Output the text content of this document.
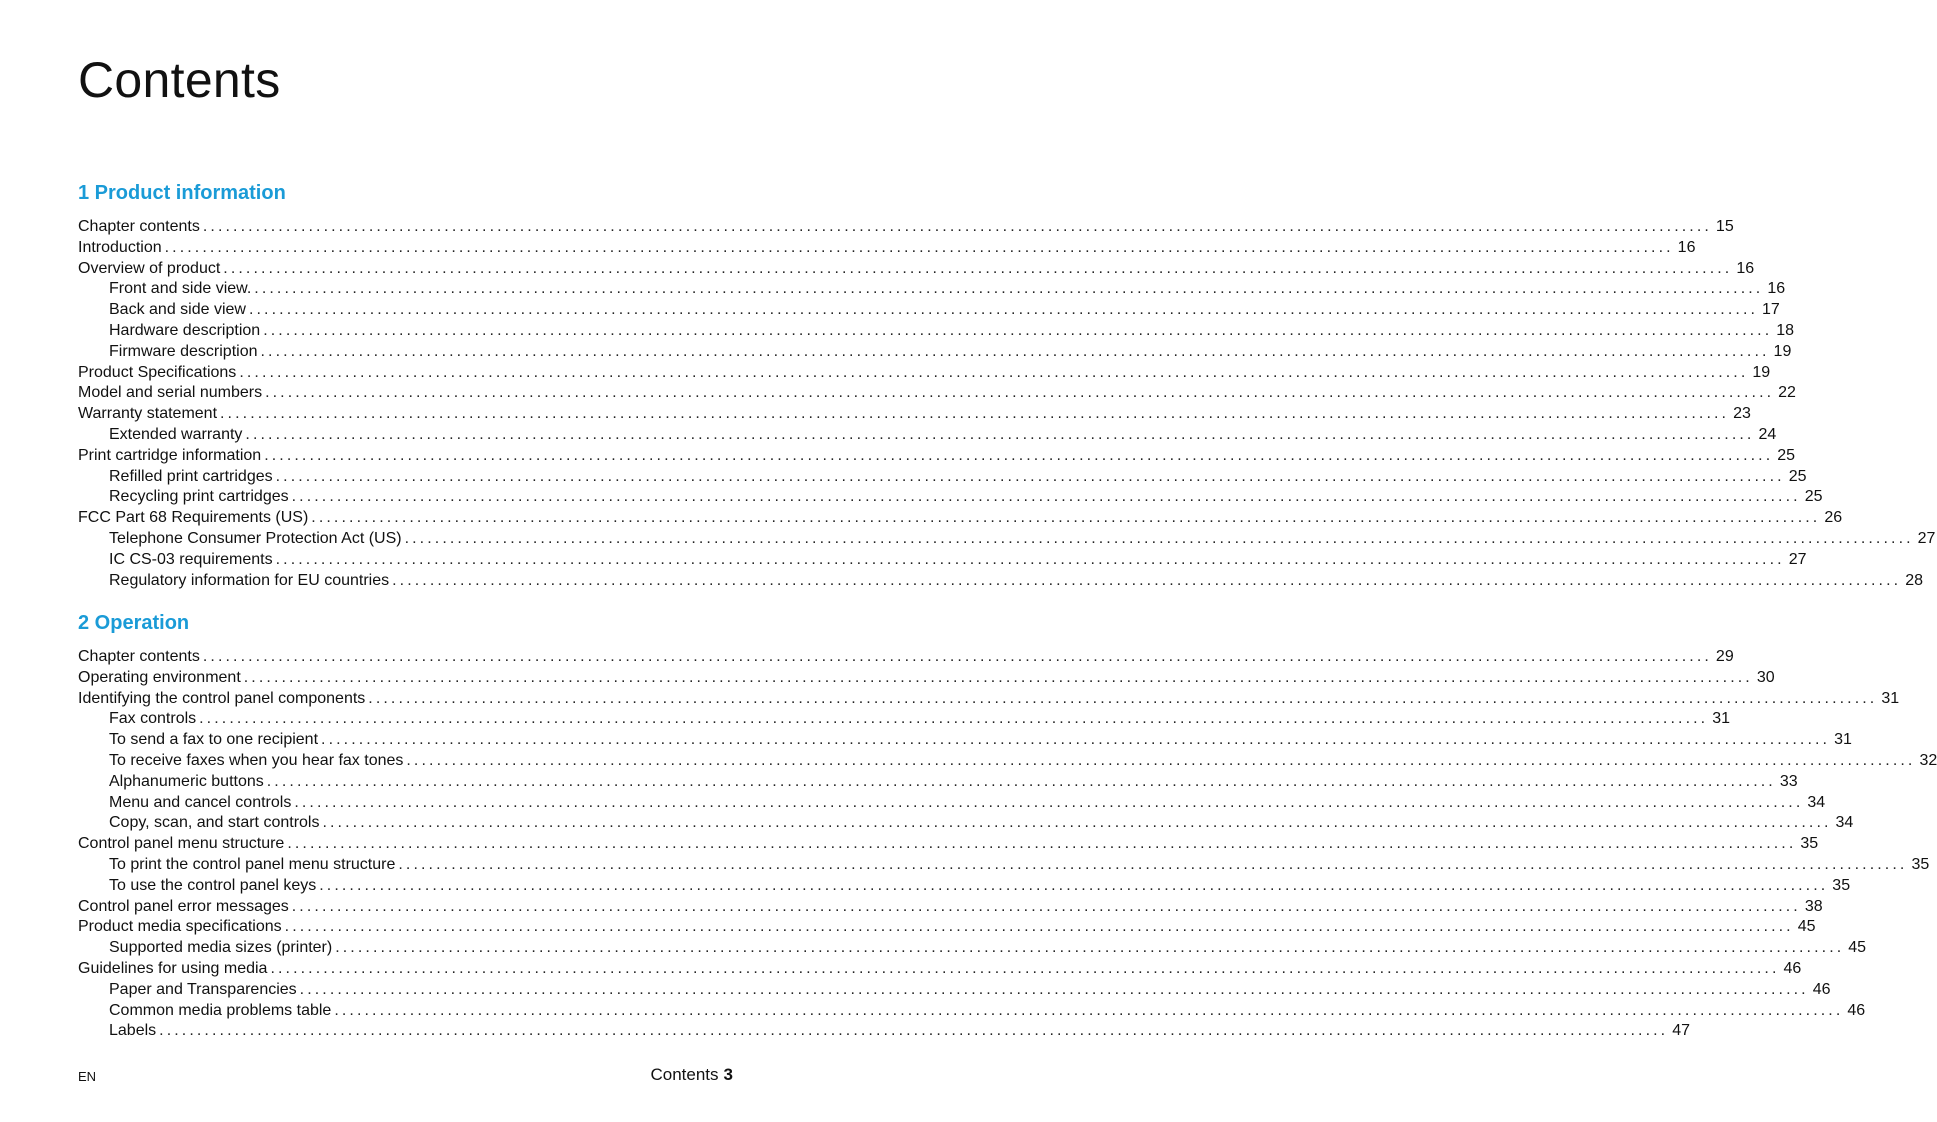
Contents
1 Product information
Chapter contents ........................................................................................................................................................................................................ 15
Introduction ........................................................................................................................................................................................................ 16
Overview of product ........................................................................................................................................................................................................ 16
Front and side view. ........................................................................................................................................................................................................ 16
Back and side view ........................................................................................................................................................................................................ 17
Hardware description ........................................................................................................................................................................................................ 18
Firmware description ........................................................................................................................................................................................................ 19
Product Specifications ........................................................................................................................................................................................................ 19
Model and serial numbers ........................................................................................................................................................................................................ 22
Warranty statement ........................................................................................................................................................................................................ 23
Extended warranty ........................................................................................................................................................................................................ 24
Print cartridge information ........................................................................................................................................................................................................ 25
Refilled print cartridges ........................................................................................................................................................................................................ 25
Recycling print cartridges ........................................................................................................................................................................................................ 25
FCC Part 68 Requirements (US) ........................................................................................................................................................................................................ 26
Telephone Consumer Protection Act (US) ........................................................................................................................................................................................................ 27
IC CS-03 requirements ........................................................................................................................................................................................................ 27
Regulatory information for EU countries ........................................................................................................................................................................................................ 28
2 Operation
Chapter contents ........................................................................................................................................................................................................ 29
Operating environment ........................................................................................................................................................................................................ 30
Identifying the control panel components ........................................................................................................................................................................................................ 31
Fax controls ........................................................................................................................................................................................................ 31
To send a fax to one recipient ........................................................................................................................................................................................................ 31
To receive faxes when you hear fax tones ........................................................................................................................................................................................................ 32
Alphanumeric buttons ........................................................................................................................................................................................................ 33
Menu and cancel controls ........................................................................................................................................................................................................ 34
Copy, scan, and start controls ........................................................................................................................................................................................................ 34
Control panel menu structure ........................................................................................................................................................................................................ 35
To print the control panel menu structure ........................................................................................................................................................................................................ 35
To use the control panel keys ........................................................................................................................................................................................................ 35
Control panel error messages ........................................................................................................................................................................................................ 38
Product media specifications ........................................................................................................................................................................................................ 45
Supported media sizes (printer) ........................................................................................................................................................................................................ 45
Guidelines for using media ........................................................................................................................................................................................................ 46
Paper and Transparencies ........................................................................................................................................................................................................ 46
Common media problems table ........................................................................................................................................................................................................ 46
Labels ........................................................................................................................................................................................................ 47
EN	Contents 3
